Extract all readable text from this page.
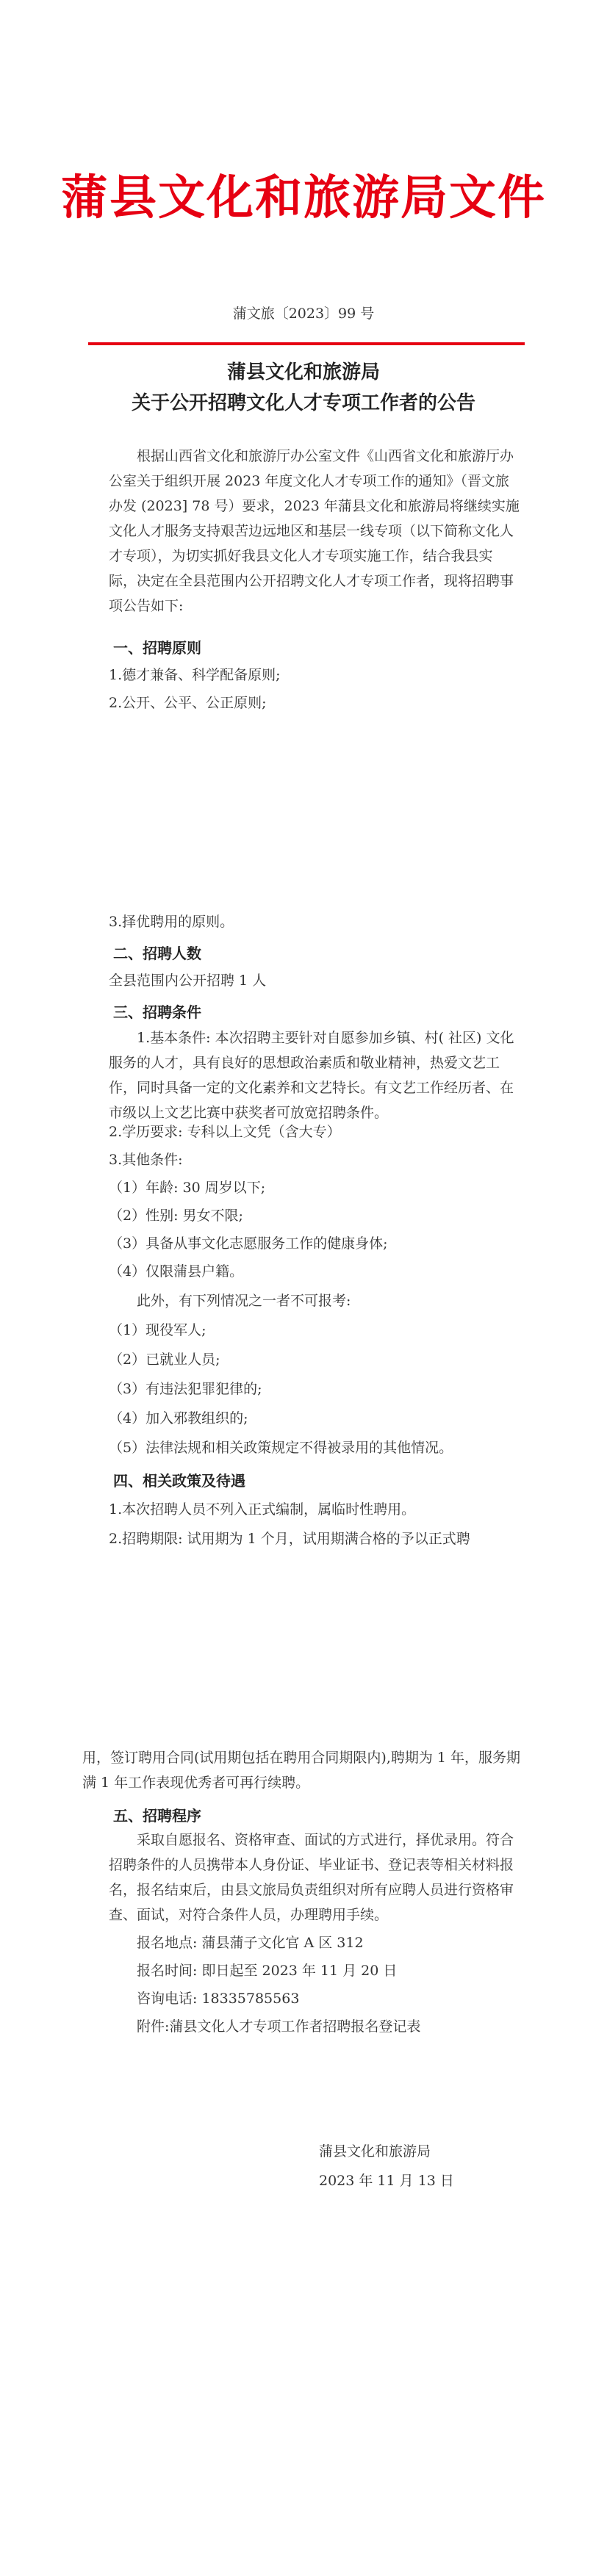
蒲县文化和旅游局文件
蒲文旅〔2023〕99 号
蒲县文化和旅游局
关于公开招聘文化人才专项工作者的公告
根据山西省文化和旅游厅办公室文件《山西省文化和旅游厅办公室关于组织开展 2023 年度文化人才专项工作的通知》（晋文旅办发 (2023] 78 号）要求，2023 年蒲县文化和旅游局将继续实施文化人才服务支持艰苦边远地区和基层一线专项（以下简称文化人才专项），为切实抓好我县文化人才专项实施工作，结合我县实际，决定在全县范围内公开招聘文化人才专项工作者，现将招聘事项公告如下:
一、招聘原则
1.德才兼备、科学配备原则;
2.公开、公平、公正原则;
3.择优聘用的原则。
二、招聘人数
全县范围内公开招聘 1 人
三、招聘条件
1.基本条件: 本次招聘主要针对自愿参加乡镇、村( 社区) 文化服务的人才，具有良好的思想政治素质和敬业精神，热爱文艺工作，同时具备一定的文化素养和文艺特长。有文艺工作经历者、在市级以上文艺比赛中获奖者可放宽招聘条件。
2.学历要求: 专科以上文凭（含大专）
3.其他条件:
（1）年龄: 30 周岁以下;
（2）性别: 男女不限;
（3）具备从事文化志愿服务工作的健康身体;
（4）仅限蒲县户籍。
此外，有下列情况之一者不可报考:
（1）现役军人;
（2）已就业人员;
（3）有违法犯罪犯律的;
（4）加入邪教组织的;
（5）法律法规和相关政策规定不得被录用的其他情况。
四、相关政策及待遇
1.本次招聘人员不列入正式编制，属临时性聘用。
2.招聘期限: 试用期为 1 个月，试用期满合格的予以正式聘
用，签订聘用合同(试用期包括在聘用合同期限内),聘期为 1 年，服务期满 1 年工作表现优秀者可再行续聘。
五、招聘程序
采取自愿报名、资格审查、面试的方式进行，择优录用。符合招聘条件的人员携带本人身份证、毕业证书、登记表等相关材料报名，报名结束后，由县文旅局负责组织对所有应聘人员进行资格审查、面试，对符合条件人员，办理聘用手续。
报名地点: 蒲县蒲子文化官 A 区 312
报名时间: 即日起至 2023 年 11 月 20 日
咨询电话: 18335785563
附件:蒲县文化人才专项工作者招聘报名登记表
蒲县文化和旅游局
2023 年 11 月 13 日
